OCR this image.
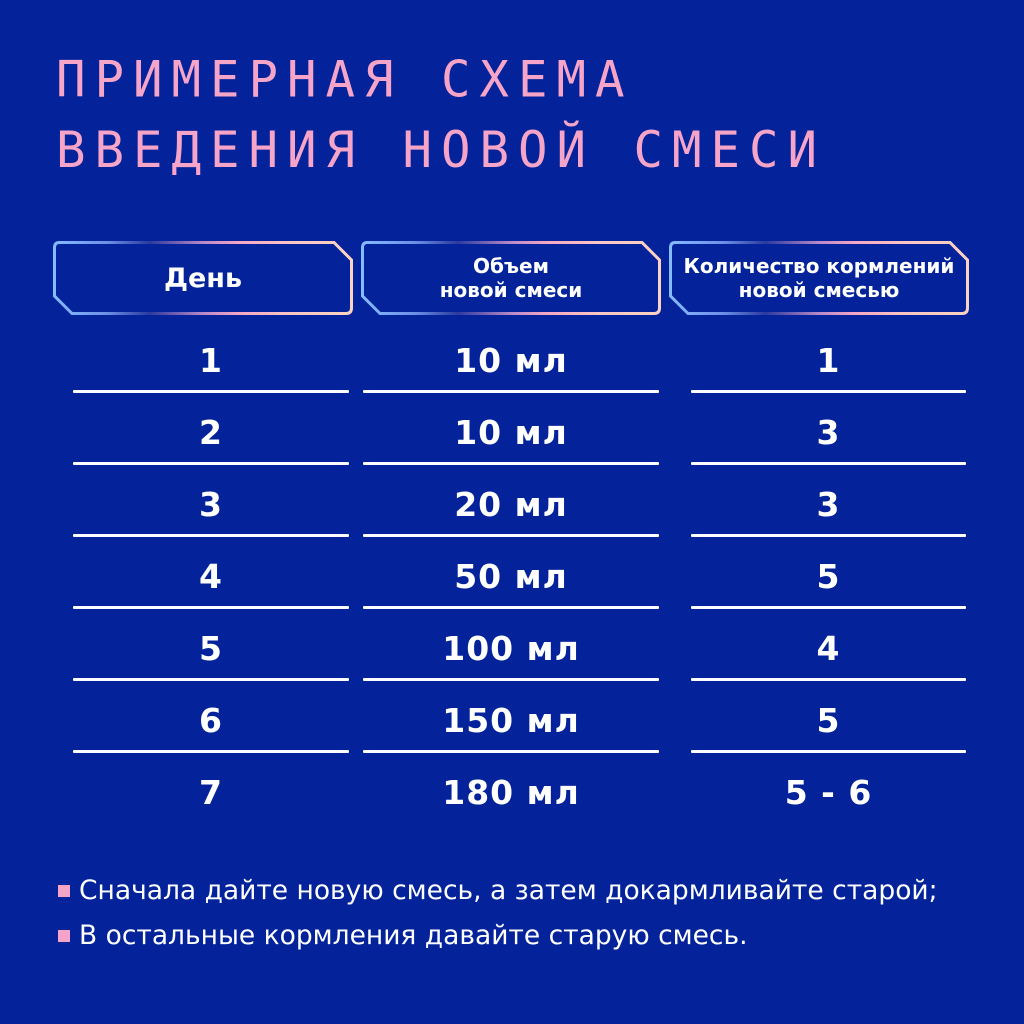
ПРИМЕРНАЯ СХЕМА
ВВЕДЕНИЯ НОВОЙ СМЕСИ
День	Объем
новой смеси
Количество кормлений
новой смесью
1
2
3
4
5
6
7
10 мл
10 мл
20 мл
50 мл
100 мл
150 мл
180 мл
1
3
3
5
4
5
5 - 6
Сначала дайте новую смесь, а затем докармливайте старой;
В остальные кормления давайте старую смесь.
